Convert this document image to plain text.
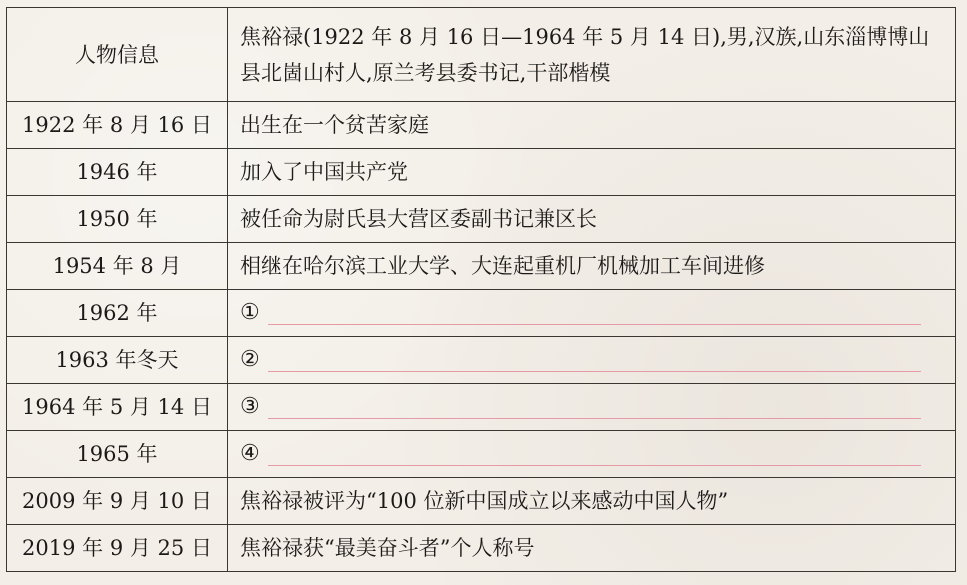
人物信息	焦裕禄(1922 年 8 月 16 日—1964 年 5 月 14 日),男,汉族,山东淄博博山县北崮山村人,原兰考县委书记,干部楷模
1922 年 8 月 16 日	出生在一个贫苦家庭
1946 年	加入了中国共产党
1950 年	被任命为尉氏县大营区委副书记兼区长
1954 年 8 月	相继在哈尔滨工业大学、大连起重机厂机械加工车间进修
1962 年	①

1963 年冬天	②

1964 年 5 月 14 日	③

1965 年	④

2009 年 9 月 10 日	焦裕禄被评为“100 位新中国成立以来感动中国人物”
2019 年 9 月 25 日	焦裕禄获“最美奋斗者”个人称号
